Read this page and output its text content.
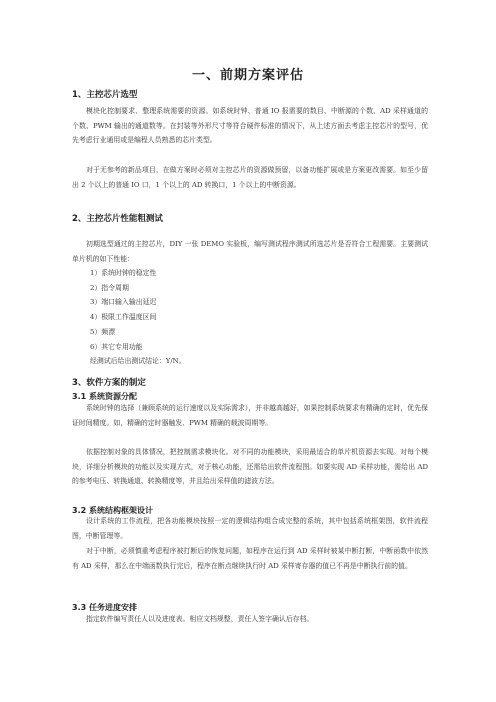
一、前期方案评估
1、主控芯片选型
模块化控制要求、整理系统需要的资源。如系统时钟、普通 IO 报需要的数目、中断源的个数、AD 采样通道的个数、PWM 输出的通道数等。在封装等外形尺寸等符合硬件标准的情况下，从上述方面去考虑主控芯片的型号，优先考虑行业通用或是编程人员熟悉的芯片类型。
对于无参考的新品项目，在做方案时必须对主控芯片的资源做预留，以备功能扩展或是方案更改需要。如至少留出 2 个以上的普通 IO 口，1 个以上的 AD 转换口，1 个以上的中断资源。
2、主控芯片性能粗测试
初期选型通过的主控芯片，DIY 一张 DEMO 实验板，编写测试程序测试所选芯片是否符合工程需要。主要测试单片机的如下性能：
1）系统时钟的稳定性
2）指令周期
3）端口输入输出延迟
4）极限工作温度区间
5）频漂
6）其它专用功能
经测试后给出测试结论：Y/N。
3、软件方案的制定
3.1 系统资源分配
系统时钟的选择（兼顾系统的运行速度以及实际需求），并非越高越好，如果控制系统要求有精确的定时，优先保证时间精度。如，精确的定时器触发、PWM 精确的载波周期等。
依据控制对象的具体情况，把控制需求模块化。对不同的功能模块，采用最适合的单片机资源去实现。对每个模块，详细分析模块的功能以及实现方式，对于核心功能，还需给出软件流程图。如要实现 AD 采样功能，需给出 AD 的参考电压、转换通道、转换精度等，并且给出采样值的滤波方法。
3.2 系统结构框架设计
设计系统的工作流程，把各功能模块按照一定的逻辑结构组合成完整的系统，其中包括系统框架图，软件流程图，中断管理等。
对于中断，必须慎重考虑程序被打断后的恢复问题，如程序在运行到 AD 采样时被某中断打断，中断函数中依然有 AD 采样，那么在中端函数执行完后，程序在断点继续执行时 AD 采样寄存器的值已不再是中断执行前的值。
3.3 任务进度安排
指定软件编写责任人以及进度表。相应文档规整，责任人签字确认后存档。
